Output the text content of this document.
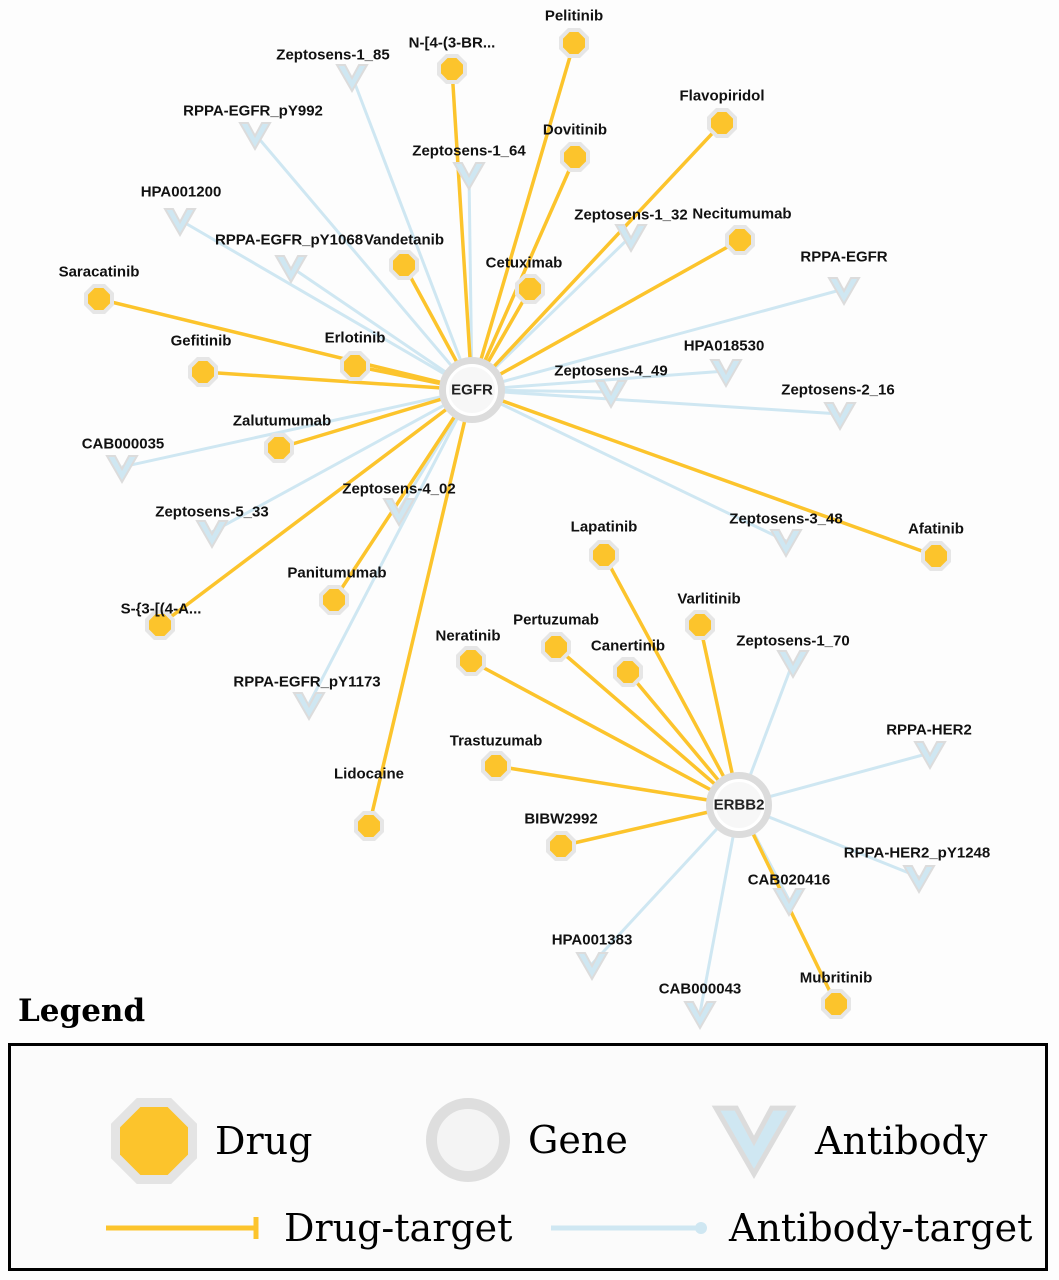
Pelitinib
N-[4-(3-BR...
Flavopiridol
Dovitinib
Necitumumab
Vandetanib
Cetuximab
Saracatinib
Erlotinib
Gefitinib
Zalutumumab
Afatinib
Lapatinib
Panitumumab
Varlitinib
S-{3-[(4-A...
Pertuzumab
Neratinib
Canertinib
Trastuzumab
Lidocaine
BIBW2992
Mubritinib
Zeptosens-1_85
RPPA-EGFR_pY992
Zeptosens-1_64
HPA001200
Zeptosens-1_32
RPPA-EGFR_pY1068
RPPA-EGFR
HPA018530
Zeptosens-4_49
Zeptosens-2_16
CAB000035
Zeptosens-4_02
Zeptosens-5_33	Zeptosens-3_48
Zeptosens-1_70
RPPA-EGFR_pY1173
RPPA-HER2
RPPA-HER2_pY1248
CAB020416
HPA001383
CAB000043
EGFR
ERBB2
Legend
Drug	Gene	Antibody
Drug-target	Antibody-target
